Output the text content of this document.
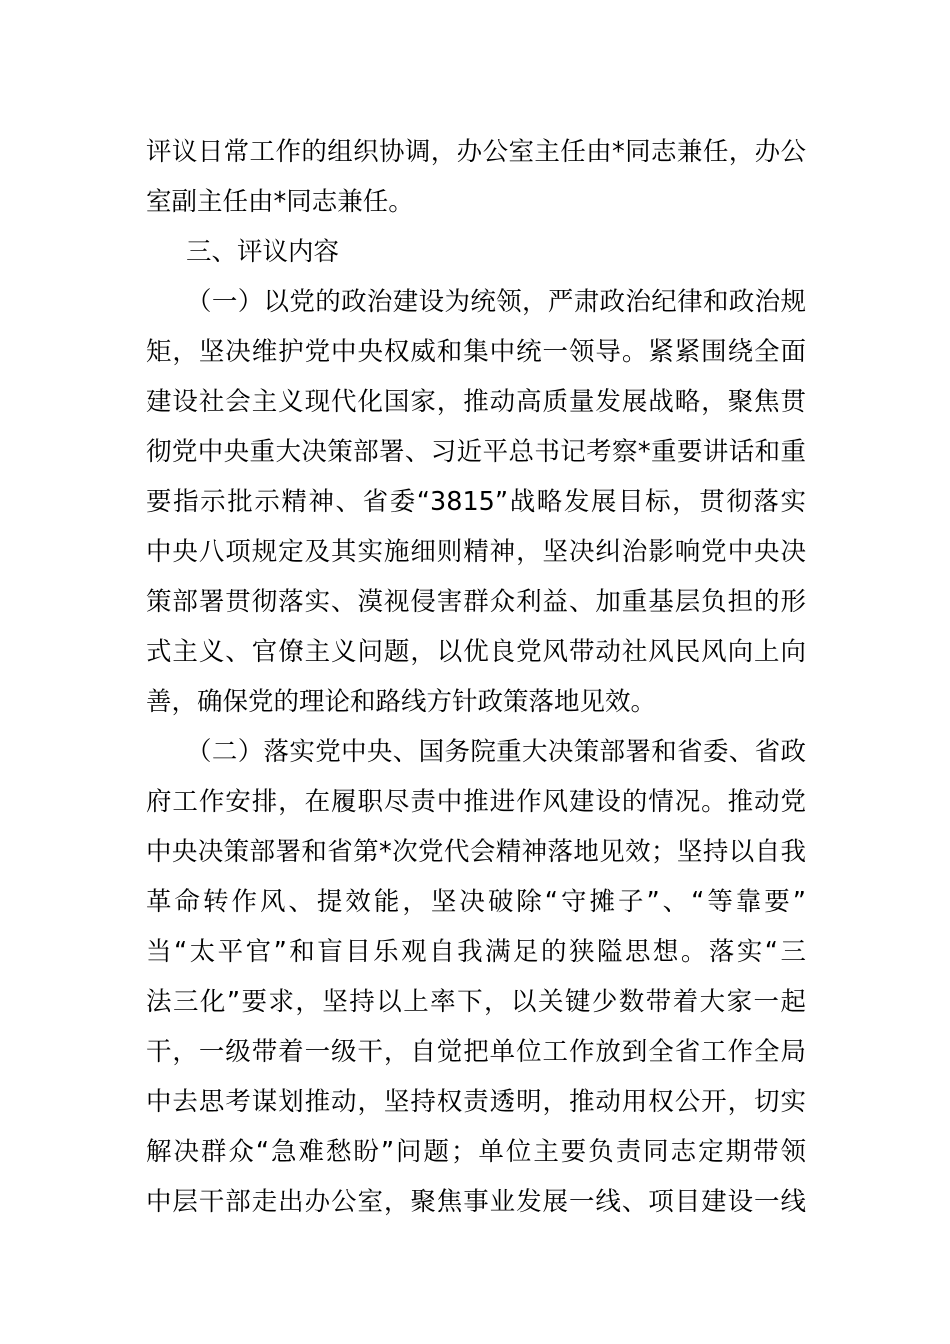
评议日常工作的组织协调，办公室主任由*同志兼任，办公
室副主任由*同志兼任。
三、评议内容
（一）以党的政治建设为统领，严肃政治纪律和政治规
矩，坚决维护党中央权威和集中统一领导。紧紧围绕全面
建设社会主义现代化国家，推动高质量发展战略，聚焦贯
彻党中央重大决策部署、习近平总书记考察*重要讲话和重
要指示批示精神、省委“3815”战略发展目标，贯彻落实
中央八项规定及其实施细则精神，坚决纠治影响党中央决
策部署贯彻落实、漠视侵害群众利益、加重基层负担的形
式主义、官僚主义问题，以优良党风带动社风民风向上向
善，确保党的理论和路线方针政策落地见效。
（二）落实党中央、国务院重大决策部署和省委、省政
府工作安排，在履职尽责中推进作风建设的情况。推动党
中央决策部署和省第*次党代会精神落地见效；坚持以自我
革命转作风、提效能，坚决破除“守摊子”、“等靠要”
当“太平官”和盲目乐观自我满足的狭隘思想。落实“三
法三化”要求，坚持以上率下，以关键少数带着大家一起
干，一级带着一级干，自觉把单位工作放到全省工作全局
中去思考谋划推动，坚持权责透明，推动用权公开，切实
解决群众“急难愁盼”问题；单位主要负责同志定期带领
中层干部走出办公室，聚焦事业发展一线、项目建设一线
